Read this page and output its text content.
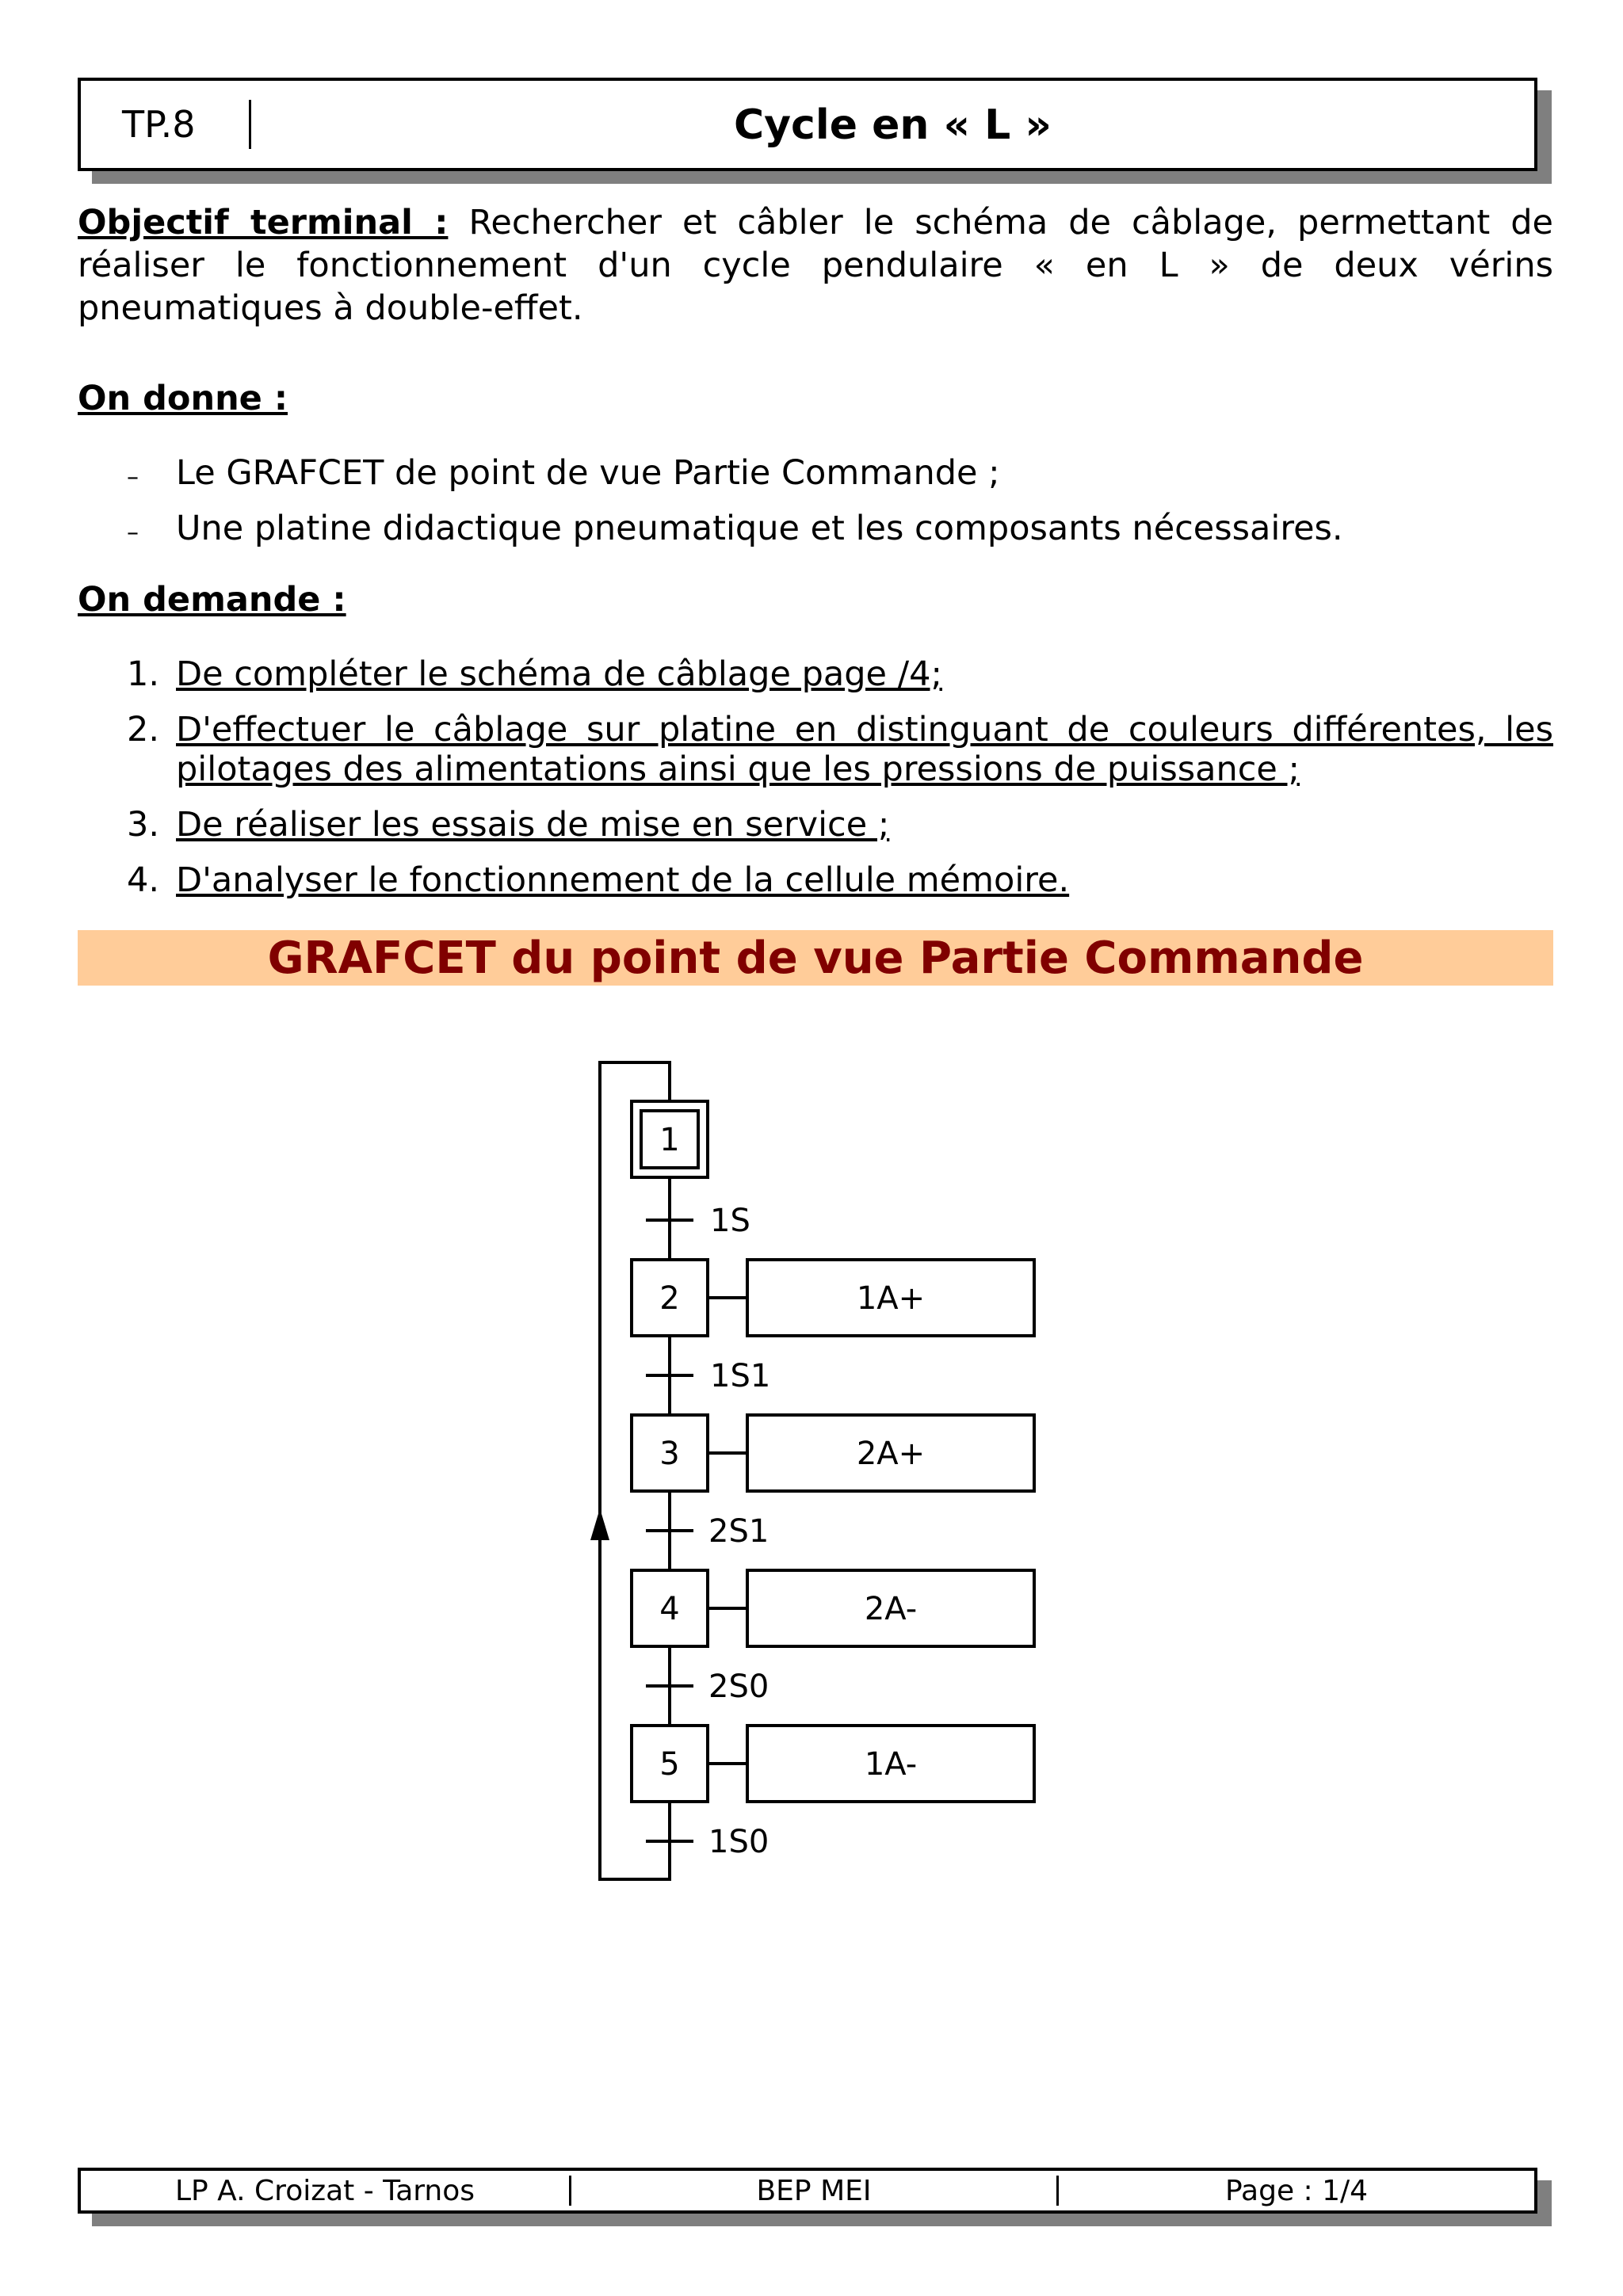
TP.8	Cycle en « L »
Objectif terminal : Rechercher et câbler le schéma de câblage, permettant de réaliser le fonctionnement d'un cycle pendulaire « en L » de deux vérins pneumatiques à double-effet.
On donne :
– Le GRAFCET de point de vue Partie Commande ;
– Une platine didactique pneumatique et les composants nécessaires.
On demande :
1. De compléter le schéma de câblage page /4;
2. D'effectuer le câblage sur platine en distinguant de couleurs différentes, les
pilotages des alimentations ainsi que les pressions de puissance ;
3. De réaliser les essais de mise en service ;
4. D'analyser le fonctionnement de la cellule mémoire.
GRAFCET du point de vue Partie Commande
1
2
3
4
5
1A+
2A+
2A-
1A-
1S
1S1
2S1
2S0
1S0
LP A. Croizat - Tarnos	BEP MEI	Page : 1/4
